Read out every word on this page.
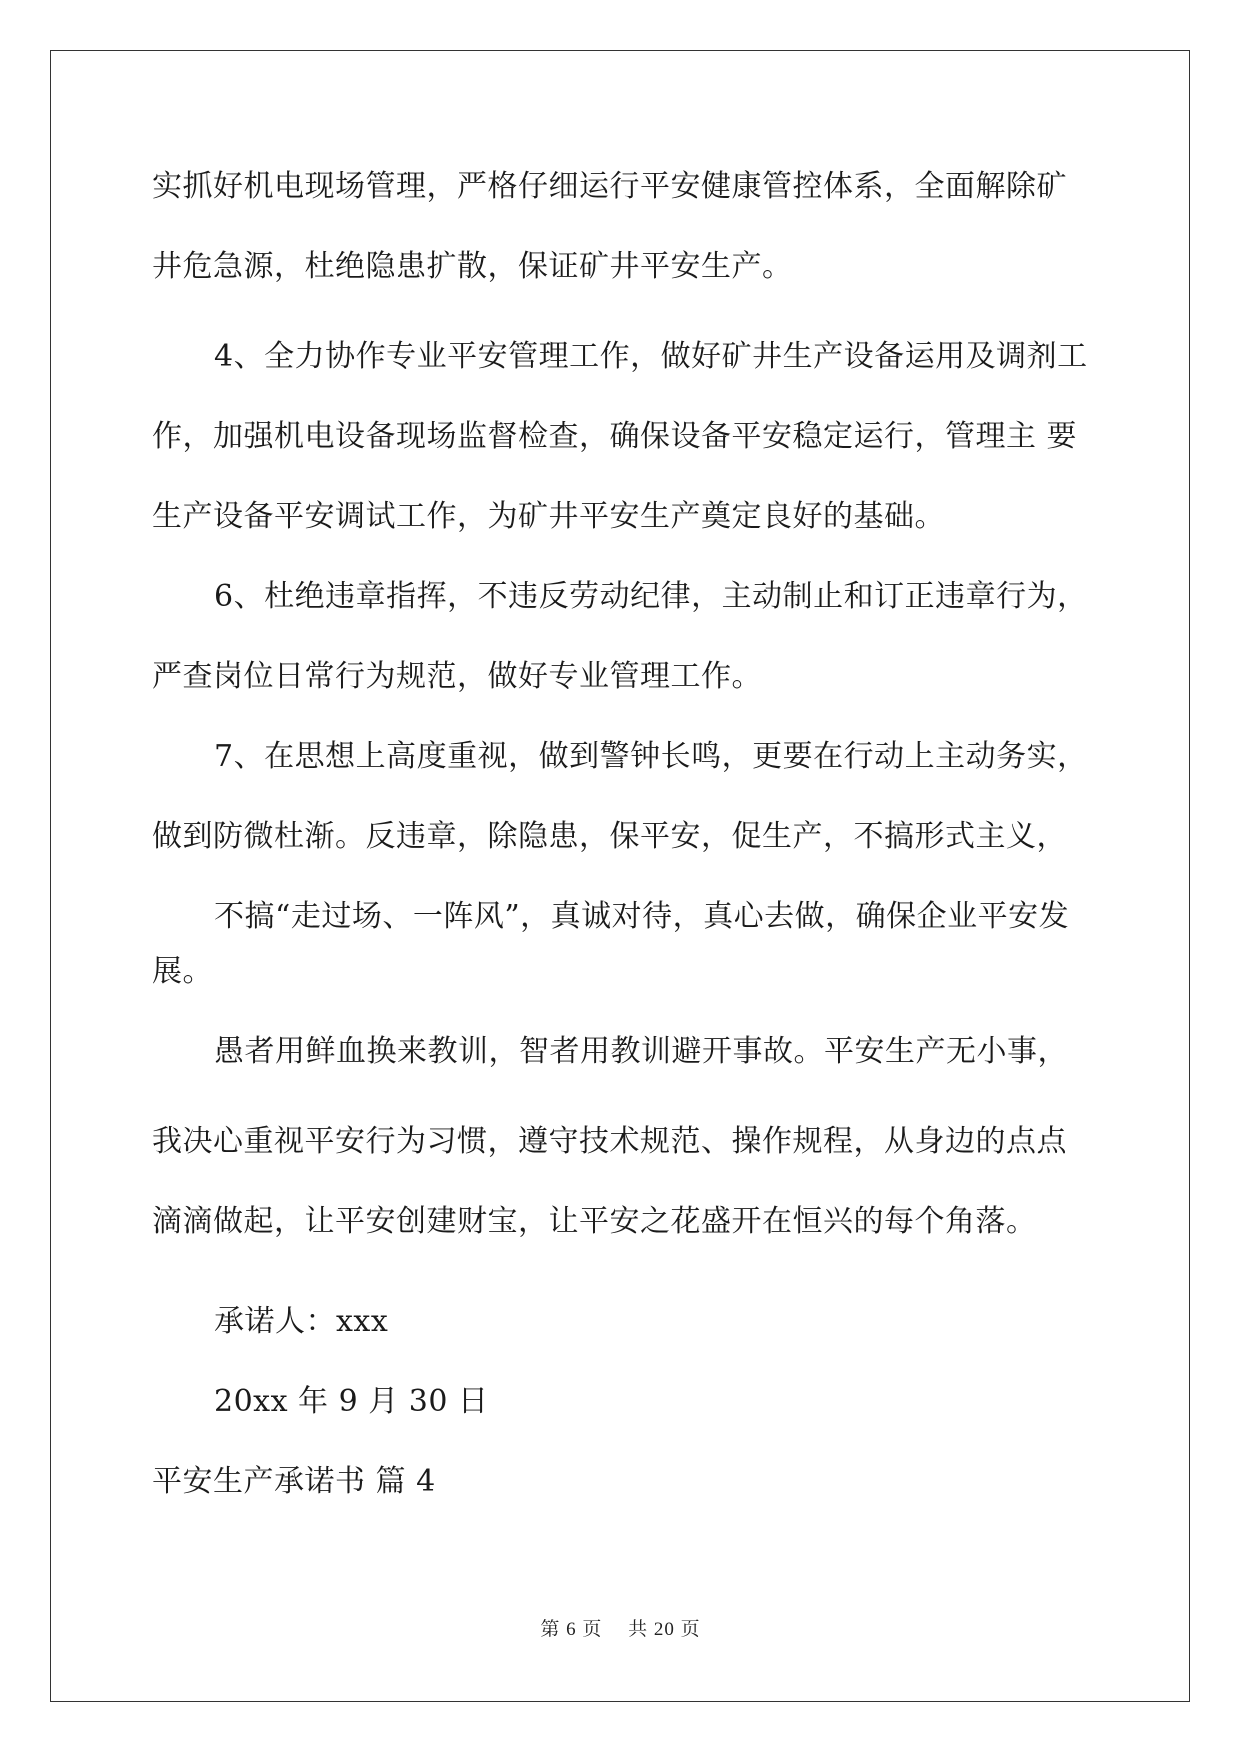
实抓好机电现场管理，严格仔细运行平安健康管控体系，全面解除矿
井危急源，杜绝隐患扩散，保证矿井平安生产。
4、全力协作专业平安管理工作，做好矿井生产设备运用及调剂工
作，加强机电设备现场监督检查，确保设备平安稳定运行，管理主 要
生产设备平安调试工作，为矿井平安生产奠定良好的基础。
6、杜绝违章指挥，不违反劳动纪律，主动制止和订正违章行为，
严查岗位日常行为规范，做好专业管理工作。
7、在思想上高度重视，做到警钟长鸣，更要在行动上主动务实，
做到防微杜渐。反违章，除隐患，保平安，促生产，不搞形式主义，
不搞“走过场、一阵风”，真诚对待，真心去做，确保企业平安发
展。
愚者用鲜血换来教训，智者用教训避开事故。平安生产无小事，
我决心重视平安行为习惯，遵守技术规范、操作规程，从身边的点点
滴滴做起，让平安创建财宝，让平安之花盛开在恒兴的每个角落。
承诺人：xxx
20xx 年 9 月 30 日
平安生产承诺书 篇 4
第 6 页　 共 20 页
